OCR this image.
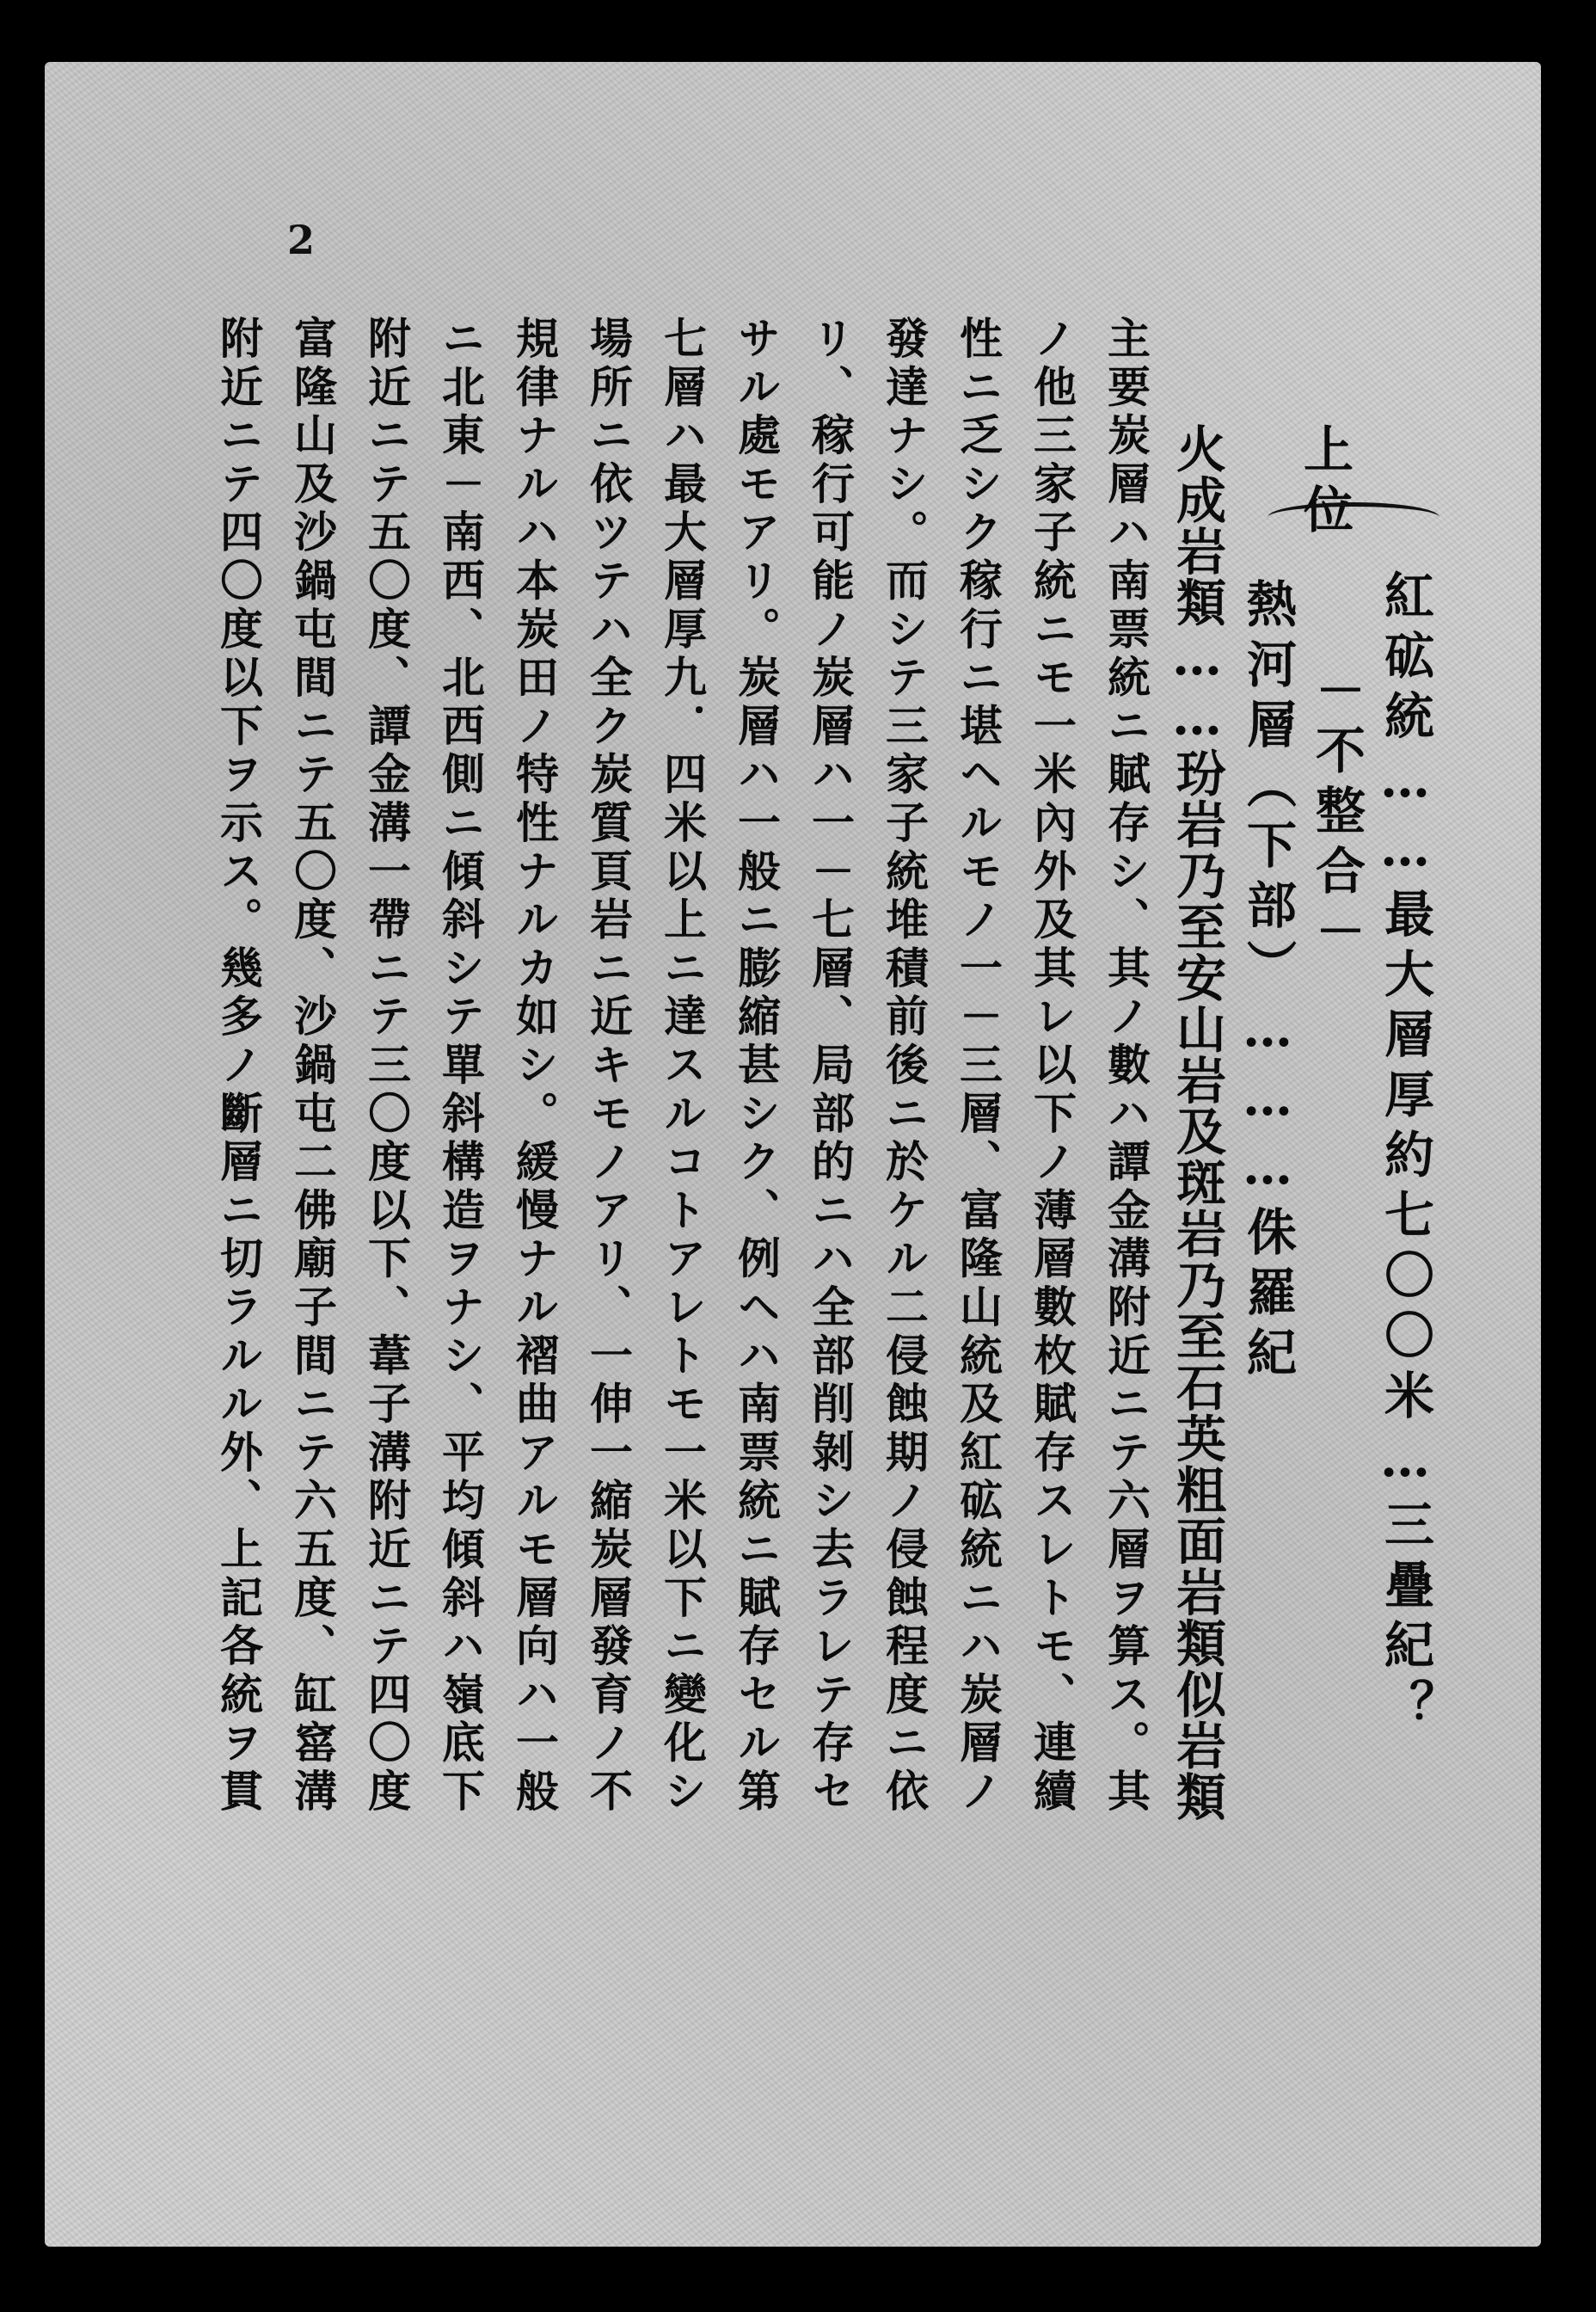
2
上位
紅砿統……最大層厚約七〇〇米…三疊紀？
－不整合－
熱河層（下部）………侏羅紀
火成岩類……玢岩乃至安山岩及斑岩乃至石英粗面岩類似岩類
主要炭層ハ南票統ニ賦存シ、其ノ數ハ譚金溝附近ニテ六層ヲ算ス。其
ノ他三家子統ニモ一米內外及其レ以下ノ薄層數枚賦存スレトモ、連續
性ニ乏シク稼行ニ堪ヘルモノ一－三層、富隆山統及紅砿統ニハ炭層ノ
發達ナシ。而シテ三家子統堆積前後ニ於ケル二侵蝕期ノ侵蝕程度ニ依
リ、稼行可能ノ炭層ハ一－七層、局部的ニハ全部削剝シ去ラレテ存セ
サル處モアリ。炭層ハ一般ニ膨縮甚シク、例ヘハ南票統ニ賦存セル第
七層ハ最大層厚九．四米以上ニ達スルコトアレトモ一米以下ニ變化シ
場所ニ依ツテハ全ク炭質頁岩ニ近キモノアリ、一伸一縮炭層發育ノ不
規律ナルハ本炭田ノ特性ナルカ如シ。緩慢ナル褶曲アルモ層向ハ一般
ニ北東－南西、北西側ニ傾斜シテ單斜構造ヲナシ、平均傾斜ハ嶺底下
附近ニテ五〇度、譚金溝一帶ニテ三〇度以下、葦子溝附近ニテ四〇度
富隆山及沙鍋屯間ニテ五〇度、沙鍋屯二佛廟子間ニテ六五度、缸窰溝
附近ニテ四〇度以下ヲ示ス。幾多ノ斷層ニ切ラルル外、上記各統ヲ貫
